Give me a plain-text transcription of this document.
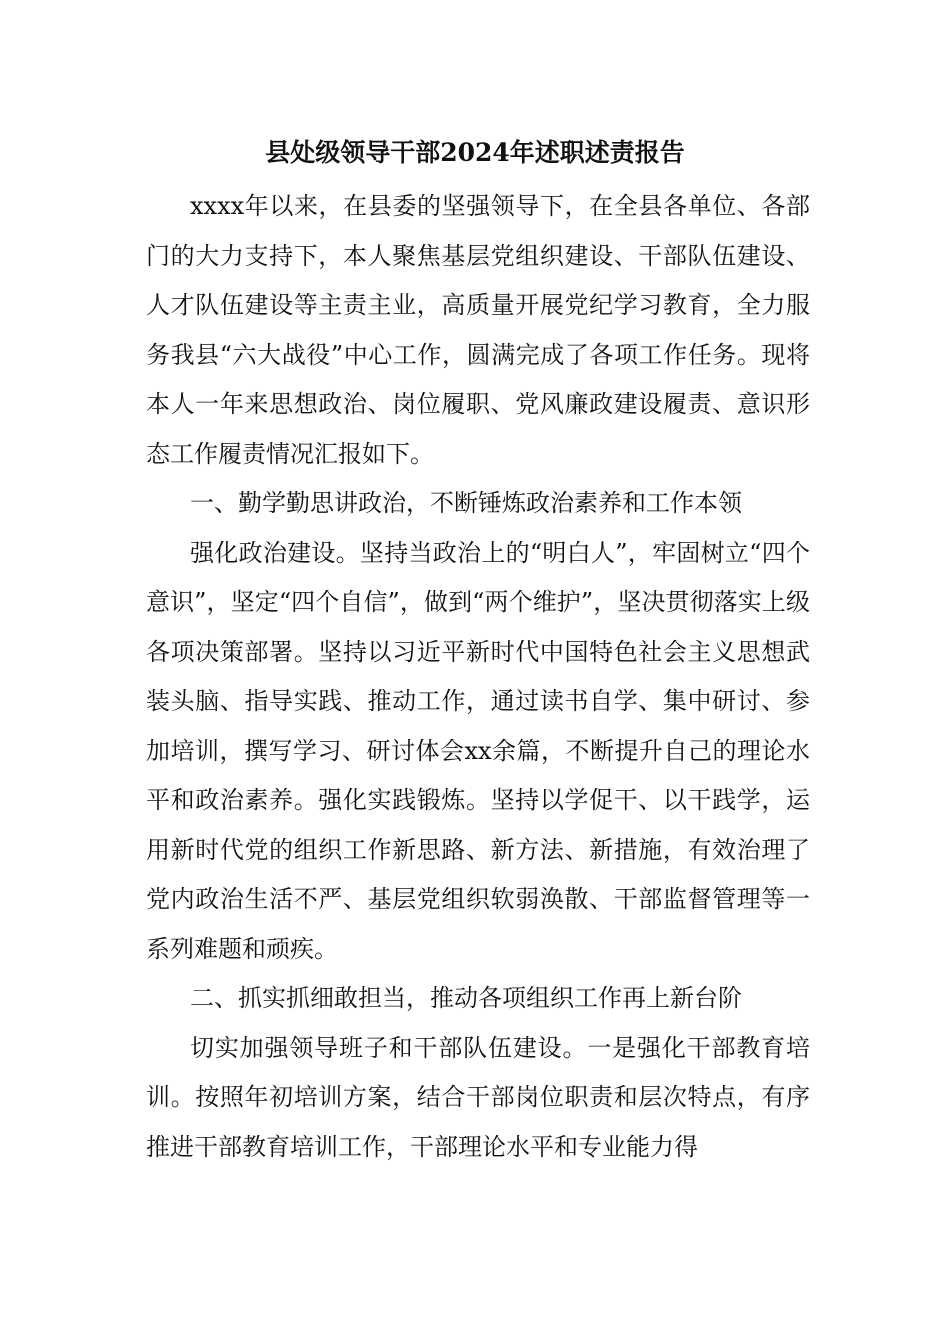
县处级领导干部2024年述职述责报告

xxxx年以来，在县委的坚强领导下，在全县各单位、各部门的大力支持下，本人聚焦基层党组织建设、干部队伍建设、人才队伍建设等主责主业，高质量开展党纪学习教育，全力服务我县“六大战役”中心工作，圆满完成了各项工作任务。现将本人一年来思想政治、岗位履职、党风廉政建设履责、意识形态工作履责情况汇报如下。

一、勤学勤思讲政治，不断锤炼政治素养和工作本领

强化政治建设。坚持当政治上的“明白人”，牢固树立“四个意识”，坚定“四个自信”，做到“两个维护”，坚决贯彻落实上级各项决策部署。坚持以习近平新时代中国特色社会主义思想武装头脑、指导实践、推动工作，通过读书自学、集中研讨、参加培训，撰写学习、研讨体会xx余篇，不断提升自己的理论水平和政治素养。强化实践锻炼。坚持以学促干、以干践学，运用新时代党的组织工作新思路、新方法、新措施，有效治理了党内政治生活不严、基层党组织软弱涣散、干部监督管理等一系列难题和顽疾。

二、抓实抓细敢担当，推动各项组织工作再上新台阶

切实加强领导班子和干部队伍建设。一是强化干部教育培训。按照年初培训方案，结合干部岗位职责和层次特点，有序推进干部教育培训工作，干部理论水平和专业能力得
